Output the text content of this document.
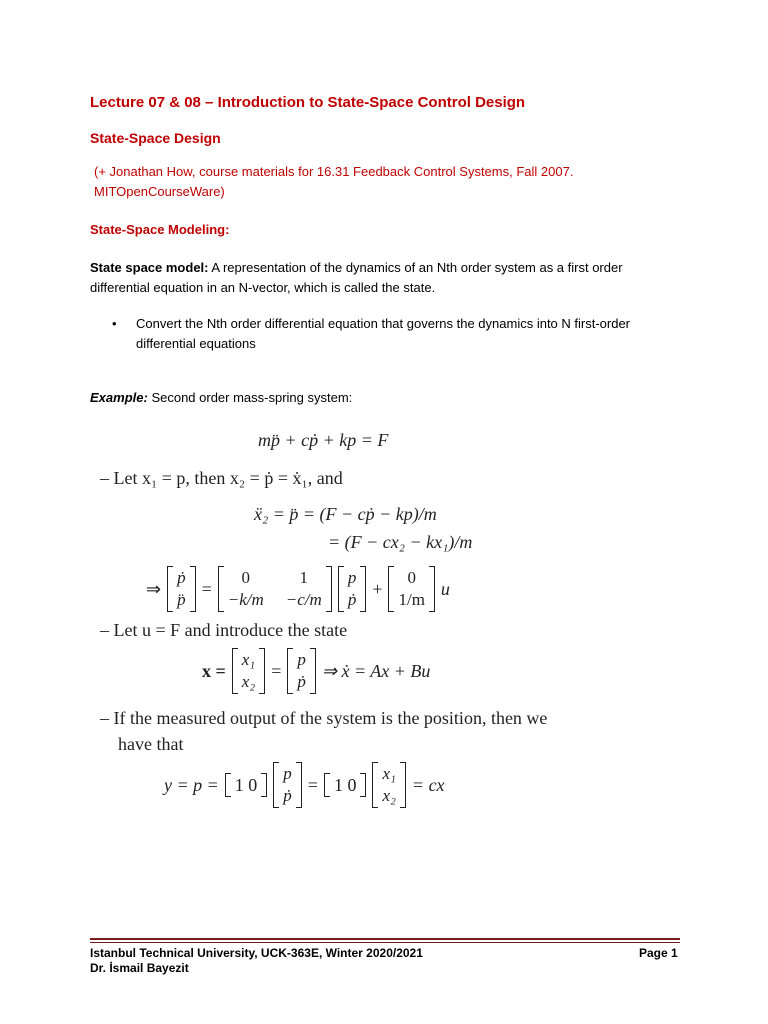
Lecture 07 & 08 – Introduction to State-Space Control Design
State-Space Design
(+ Jonathan How, course materials for 16.31 Feedback Control Systems, Fall 2007. MITOpenCourseWare)
State-Space Modeling:
State space model: A representation of the dynamics of an Nth order system as a first order differential equation in an N-vector, which is called the state.
• Convert the Nth order differential equation that governs the dynamics into N first-order differential equations
Example: Second order mass-spring system:
mp̈ + cṗ + kp = F
– Let x₁ = p, then x₂ = ṗ = ẋ₁, and
ẍ₂ = p̈ = (F − cṗ − kp)/m
= (F − cx₂ − kx₁)/m
⇒
ṗ
p̈
=
0	1
−k/m −c/m
p
ṗ
+
0
1/m
u
– Let u = F and introduce the state
x =
x₁
x₂
=
p
ṗ
⇒ ẋ = Ax + Bu
– If the measured output of the system is the position, then we
have that
y = p = 1 0
p
ṗ
= 1 0
x₁
x₂
= cx
Istanbul Technical University, UCK-363E, Winter 2020/2021
Dr. İsmail Bayezit
Page 1
